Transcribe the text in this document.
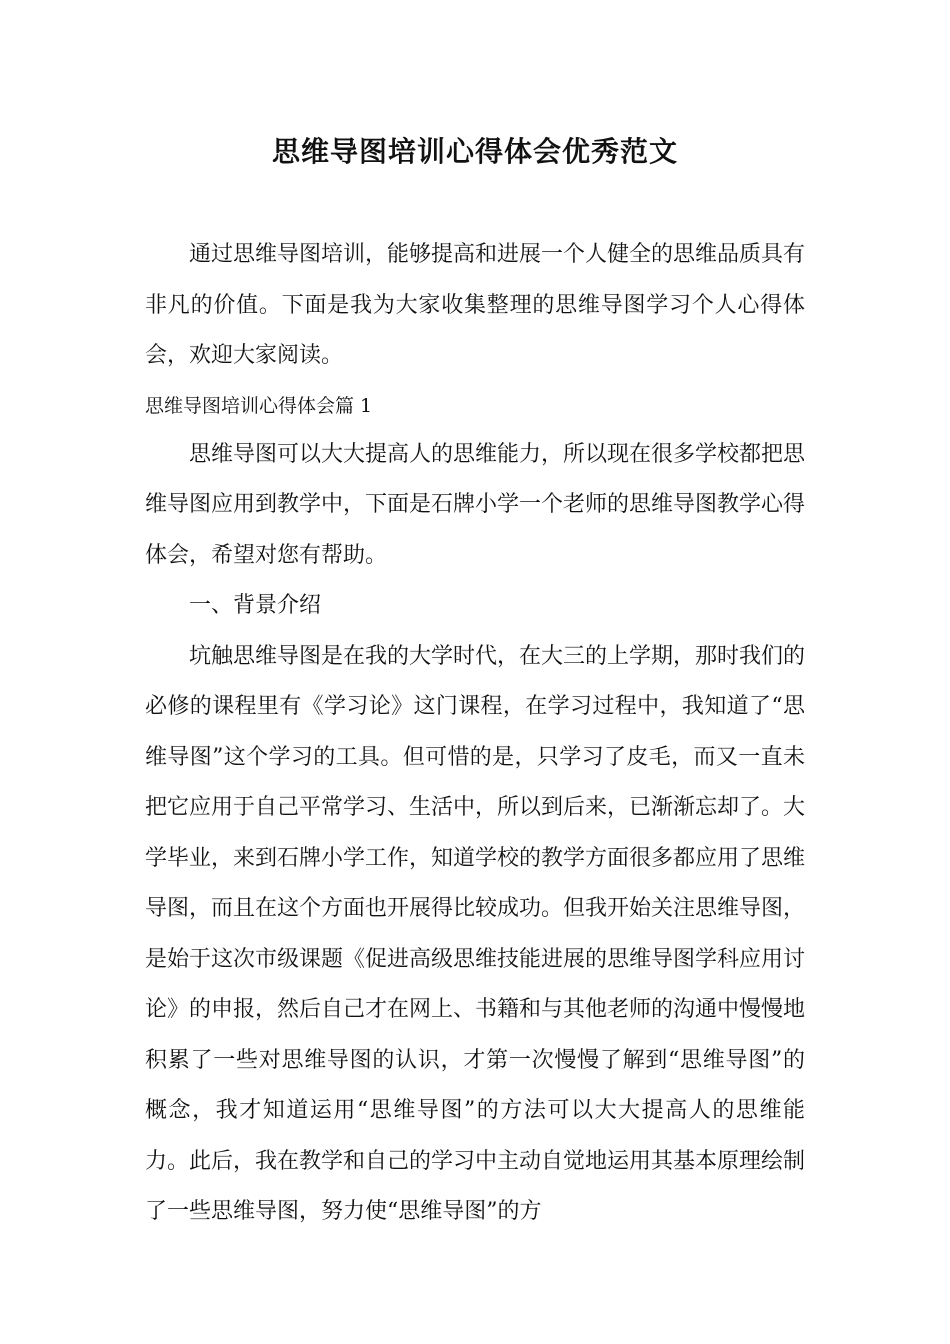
思维导图培训心得体会优秀范文

通过思维导图培训，能够提高和进展一个人健全的思维品质具有非凡的价值。下面是我为大家收集整理的思维导图学习个人心得体会，欢迎大家阅读。

思维导图培训心得体会篇 1

思维导图可以大大提高人的思维能力，所以现在很多学校都把思维导图应用到教学中，下面是石牌小学一个老师的思维导图教学心得体会，希望对您有帮助。

一、背景介绍

坑触思维导图是在我的大学时代，在大三的上学期，那时我们的必修的课程里有《学习论》这门课程，在学习过程中，我知道了“思维导图”这个学习的工具。但可惜的是，只学习了皮毛，而又一直未把它应用于自己平常学习、生活中，所以到后来，已渐渐忘却了。大学毕业，来到石牌小学工作，知道学校的教学方面很多都应用了思维导图，而且在这个方面也开展得比较成功。但我开始关注思维导图，是始于这次市级课题《促进高级思维技能进展的思维导图学科应用讨论》的申报，然后自己才在网上、书籍和与其他老师的沟通中慢慢地积累了一些对思维导图的认识，才第一次慢慢了解到“思维导图”的概念，我才知道运用“思维导图”的方法可以大大提高人的思维能力。此后，我在教学和自己的学习中主动自觉地运用其基本原理绘制了一些思维导图，努力使“思维导图”的方
